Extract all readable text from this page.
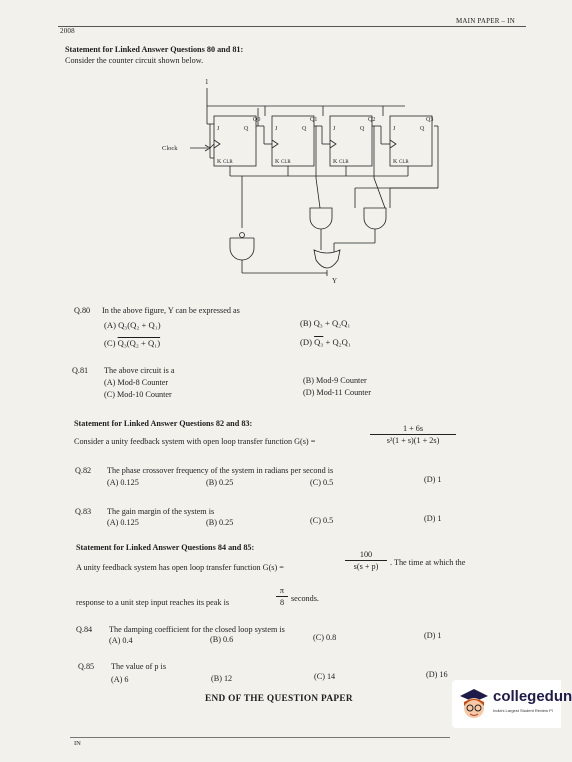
2008
MAIN PAPER – IN
Statement for Linked Answer Questions 80 and 81:
Consider the counter circuit shown below.
1
J	Q
K CLR
J	Q
K CLR
J	Q
K CLR
J	Q
K CLR
Q0	Q1	Q2	Q3
Clock
Y
Q.80 In the above figure, Y can be expressed as
(A) Q₃(Q₂ + Q₁)	(B) Q₃ + Q₂Q₁
(C) Q₃(Q₂ + Q₁)	(D) Q₃ + Q₂Q₁
Q.81 The above circuit is a
(A) Mod-8 Counter	(B) Mod-9 Counter
(C) Mod-10 Counter	(D) Mod-11 Counter
Statement for Linked Answer Questions 82 and 83:
Consider a unity feedback system with open loop transfer function G(s) =
1 + 6s
s²(1 + s)(1 + 2s)
Q.82 The phase crossover frequency of the system in radians per second is
(A) 0.125	(B) 0.25	(C) 0.5	(D) 1
Q.83 The gain margin of the system is
(A) 0.125	(B) 0.25	(C) 0.5	(D) 1
Statement for Linked Answer Questions 84 and 85:
A unity feedback system has open loop transfer function G(s) =
100
s(s + p)	. The time at which the
response to a unit step input reaches its peak is
π
8 seconds.
Q.84 The damping coefficient for the closed loop system is
(A) 0.4	(B) 0.6	(C) 0.8	(D) 1
Q.85 The value of p is
(A) 6	(B) 12	(C) 14	(D) 16
END OF THE QUESTION PAPER
IN
collegedun
India's Largest Student Review Pl
